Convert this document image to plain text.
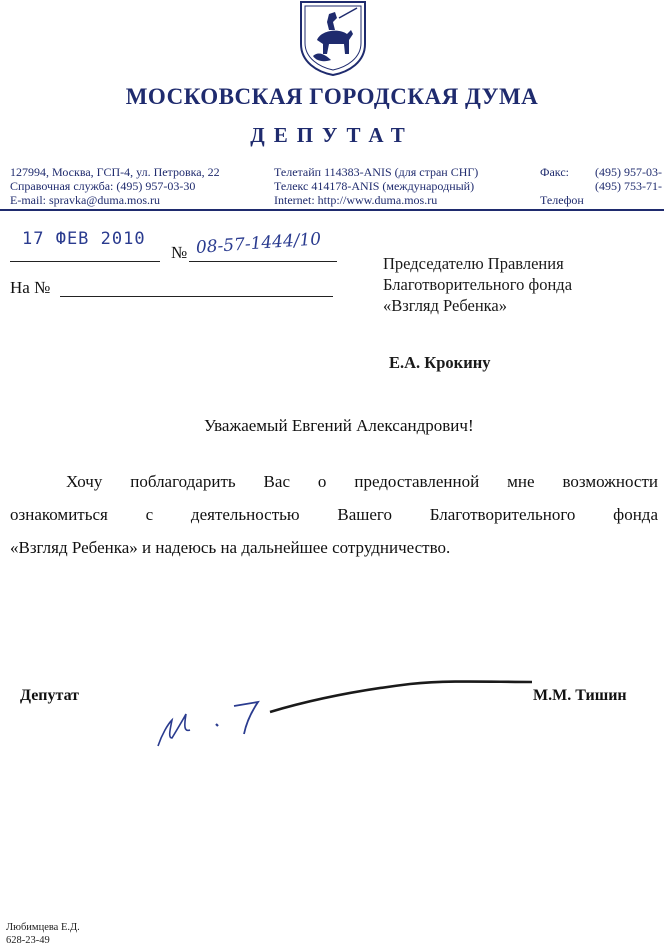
МОСКОВСКАЯ ГОРОДСКАЯ ДУМА
ДЕПУТАТ
127994, Москва, ГСП-4, ул. Петровка, 22
Справочная служба: (495) 957-03-30
E-mail: spravka@duma.mos.ru
Телетайп 114383-ANIS (для стран СНГ)
Телекс 414178-ANIS (международный)
Internet: http://www.duma.mos.ru
Факс: (495) 957-03-
(495) 753-71-
Телефон
17 ФЕВ 2010
№ 08-57-1444/10
На №
Председателю Правления
Благотворительного фонда
«Взгляд Ребенка»
Е.А. Крокину
Уважаемый Евгений Александрович!
Хочу поблагодарить Вас о предоставленной мне возможности
ознакомиться с деятельностью Вашего Благотворительного фонда
«Взгляд Ребенка» и надеюсь на дальнейшее сотрудничество.
Депутат	М.М. Тишин
Любимцева Е.Д.
628-23-49
